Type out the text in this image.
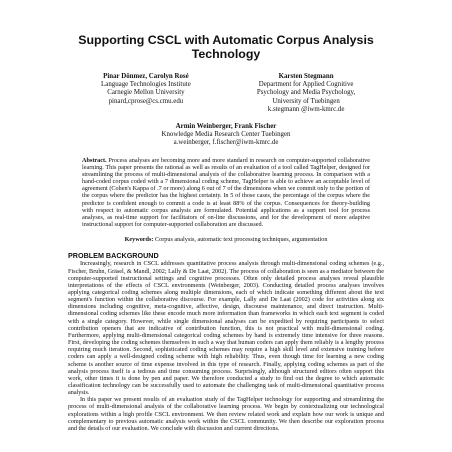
Supporting CSCL with Automatic Corpus Analysis Technology
Pinar Dönmez, Carolyn Rosé
Language Technologies Institute
Carnegie Mellon University
pinard,cprose@cs.cmu.edu
Karsten Stegmann
Department for Applied Cognitive
Psychology and Media Psychology,
University of Tuebingen
k.stegmann @iwm-kmrc.de
Armin Weinberger, Frank Fischer
Knowledge Media Research Center Tuebingen
a.weinberger, f.fischer@iwm-kmrc.de
Abstract. Process analyses are becoming more and more standard in research on computer-supported collaborative learning. This paper presents the rational as well as results of an evaluation of a tool called TagHelper, designed for streamlining the process of multi-dimensional analysis of the collaborative learning process. In comparison with a hand-coded corpus coded with a 7 dimensional coding scheme, TagHelper is able to achieve an acceptable level of agreement (Cohen's Kappa of .7 or more) along 6 out of 7 of the dimensions when we commit only to the portion of the corpus where the predictor has the highest certainty. In 5 of those cases, the percentage of the corpus where the predictor is confident enough to commit a code is at least 88% of the corpus. Consequences for theory-building with respect to automatic corpus analysis are formulated. Potential applications as a support tool for process analyses, as real-time support for facilitators of on-line discussions, and for the development of more adaptive instructional support for computer-supported collaboration are discussed.
Keywords: Corpus analysis, automatic text processing techniques, argumentation
PROBLEM BACKGROUND

Increasingly, research in CSCL addresses quantitative process analysis through multi-dimensional coding schemes (e.g., Fischer, Bruhn, Gräsel, & Mandl, 2002; Lally & De Laat, 2002). The process of collaboration is seen as a mediator between the computer-supported instructional settings and cognitive processes. Often only detailed process analyses reveal plausible interpretations of the effects of CSCL environments (Weinberger, 2003). Conducting detailed process analyses involves applying categorical coding schemes along multiple dimensions, each of which indicate something different about the text segment's function within the collaborative discourse. For example, Lally and De Laat (2002) code for activities along six dimensions including cognitive, meta-cognitive, affective, design, discourse maintenance, and direct instruction. Multi-dimensional coding schemes like these encode much more information than frameworks in which each text segment is coded with a single category. However, while single dimensional analyses can be expedited by requiring participants to select contribution openers that are indicative of contribution function, this is not practical with multi-dimensional coding. Furthermore, applying multi-dimensional categorical coding schemes by hand is extremely time intensive for three reasons. First, developing the coding schemes themselves in such a way that human coders can apply them reliably is a lengthy process requiring much iteration. Second, sophisticated coding schemes may require a high skill level and extensive training before coders can apply a well-designed coding scheme with high reliability. Thus, even though time for learning a new coding scheme is another source of time expense involved in this type of research. Finally, applying coding schemes as part of the analysis process itself is a tedious and time consuming process. Surprisingly, although structured editors often support this work, other times it is done by pen and paper. We therefore conducted a study to find out the degree to which automatic classification technology can be successfully used to automate the challenging task of multi-dimensional quantitative process analysis.

In this paper we present results of an evaluation study of the TagHelper technology for supporting and streamlining the process of multi-dimensional analysis of the collaborative learning process. We begin by contextualizing our technological explorations within a high profile CSCL environment. We then review related work and explain how our work is unique and complementary to previous automatic analysis work within the CSCL community. We then describe our exploration process and the details of our evaluation. We conclude with discussion and current directions.
